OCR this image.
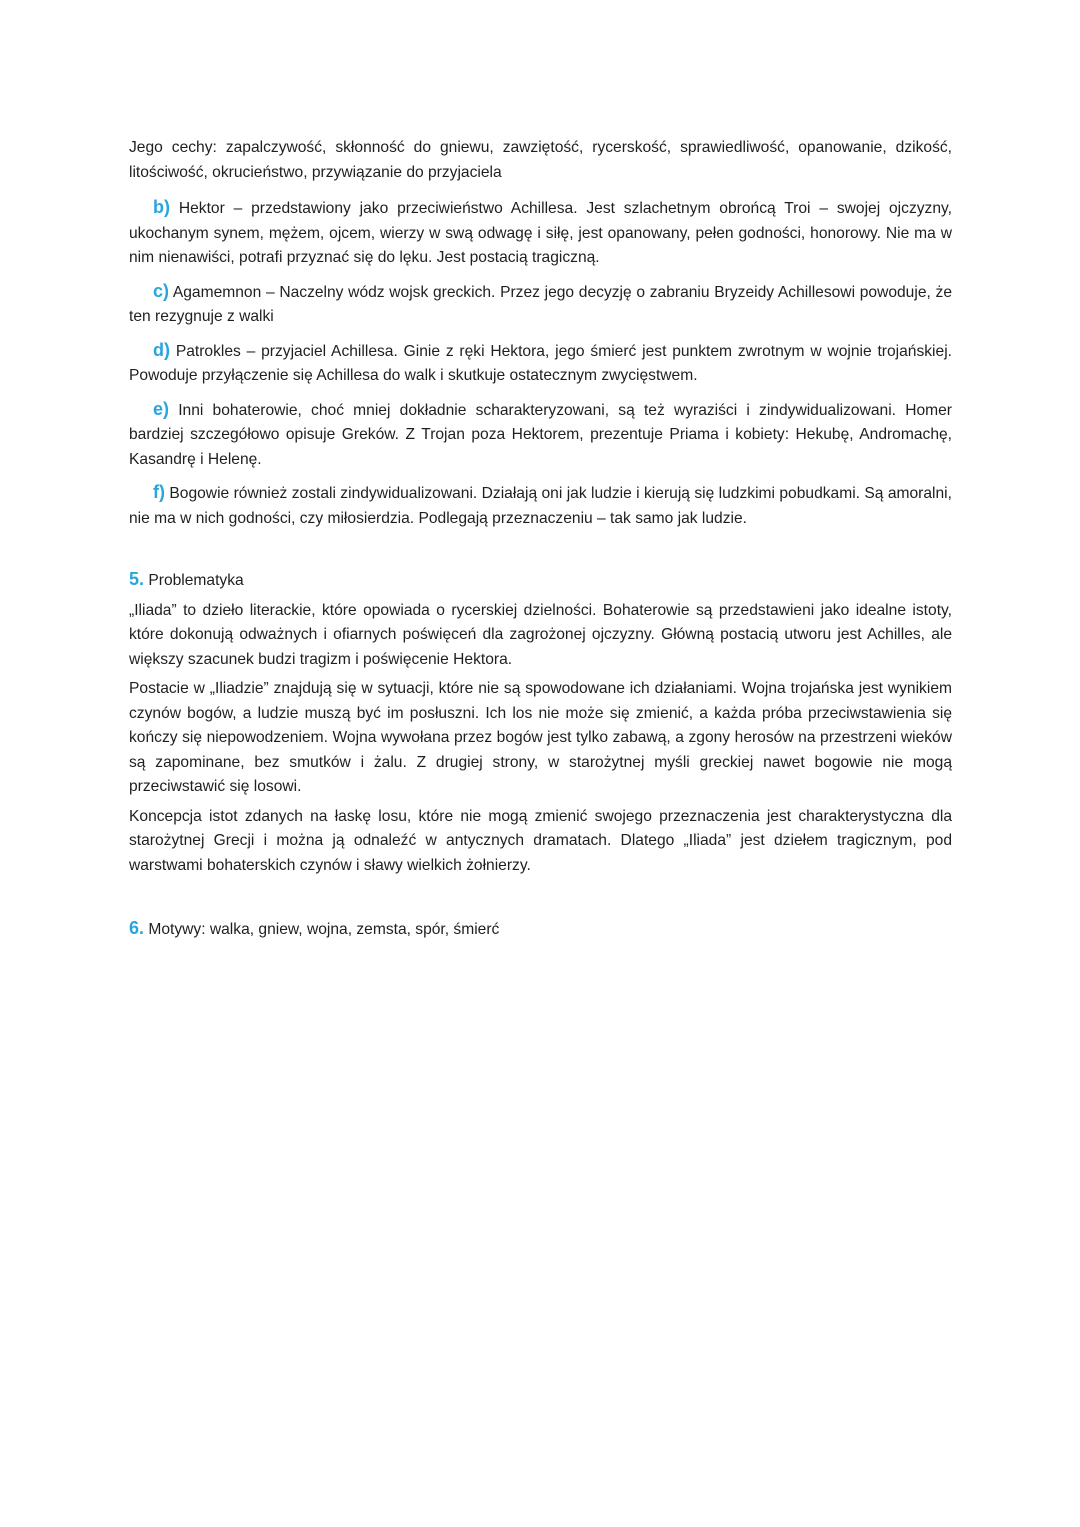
Jego cechy: zapalczywość, skłonność do gniewu, zawziętość, rycerskość, sprawiedliwość, opanowanie, dzikość, litościwość, okrucieństwo, przywiązanie do przyjaciela

b) Hektor – przedstawiony jako przeciwieństwo Achillesa. Jest szlachetnym obrońcą Troi – swojej ojczyzny, ukochanym synem, mężem, ojcem, wierzy w swą odwagę i siłę, jest opanowany, pełen godności, honorowy. Nie ma w nim nienawiści, potrafi przyznać się do lęku. Jest postacią tragiczną.

c) Agamemnon – Naczelny wódz wojsk greckich. Przez jego decyzję o zabraniu Bryzeidy Achillesowi powoduje, że ten rezygnuje z walki

d) Patrokles – przyjaciel Achillesa. Ginie z ręki Hektora, jego śmierć jest punktem zwrotnym w wojnie trojańskiej. Powoduje przyłączenie się Achillesa do walk i skutkuje ostatecznym zwycięstwem.

e) Inni bohaterowie, choć mniej dokładnie scharakteryzowani, są też wyraziści i zindywidualizowani. Homer bardziej szczegółowo opisuje Greków. Z Trojan poza Hektorem, prezentuje Priama i kobiety: Hekubę, Andromachę, Kasandrę i Helenę.

f) Bogowie również zostali zindywidualizowani. Działają oni jak ludzie i kierują się ludzkimi pobudkami. Są amoralni, nie ma w nich godności, czy miłosierdzia. Podlegają przeznaczeniu – tak samo jak ludzie.

5. Problematyka

„Iliada” to dzieło literackie, które opowiada o rycerskiej dzielności. Bohaterowie są przedstawieni jako idealne istoty, które dokonują odważnych i ofiarnych poświęceń dla zagrożonej ojczyzny. Główną postacią utworu jest Achilles, ale większy szacunek budzi tragizm i poświęcenie Hektora.

Postacie w „Iliadzie” znajdują się w sytuacji, które nie są spowodowane ich działaniami. Wojna trojańska jest wynikiem czynów bogów, a ludzie muszą być im posłuszni. Ich los nie może się zmienić, a każda próba przeciwstawienia się kończy się niepowodzeniem. Wojna wywołana przez bogów jest tylko zabawą, a zgony herosów na przestrzeni wieków są zapominane, bez smutków i żalu. Z drugiej strony, w starożytnej myśli greckiej nawet bogowie nie mogą przeciwstawić się losowi.

Koncepcja istot zdanych na łaskę losu, które nie mogą zmienić swojego przeznaczenia jest charakterystyczna dla starożytnej Grecji i można ją odnaleźć w antycznych dramatach. Dlatego „Iliada” jest dziełem tragicznym, pod warstwami bohaterskich czynów i sławy wielkich żołnierzy.

6. Motywy: walka, gniew, wojna, zemsta, spór, śmierć
